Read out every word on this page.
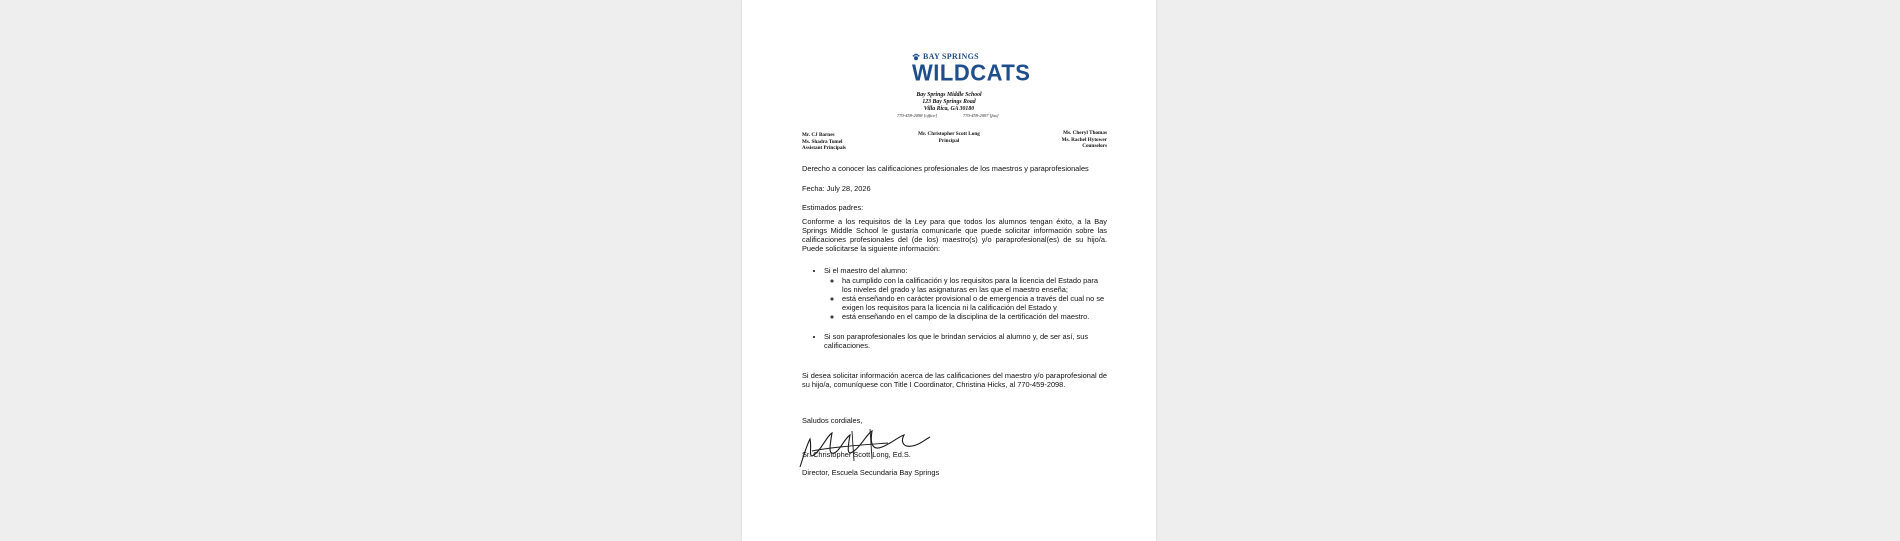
BAY SPRINGS
WILDCATS
Bay Springs Middle School
123 Bay Springs Road
Villa Rica, GA 30180
770-459-2098 [office]	770-459-2097 [fax]
Mr. CJ Barnes
Ms. Shadra Tomel
Assistant Principals
Mr. Christopher Scott Long
Principal
Ms. Cheryl Thomas
Ms. Rachel Hytower
Counselors
Derecho a conocer las calificaciones profesionales de los maestros y paraprofesionales
Fecha: July 28, 2026
Estimados padres:
Conforme a los requisitos de la Ley para que todos los alumnos tengan éxito, a la Bay Springs Middle School le gustaría comunicarle que puede solicitar información sobre las calificaciones profesionales del (de los) maestro(s) y/o paraprofesional(es) de su hijo/a. Puede solicitarse la siguiente información:
• Si el maestro del alumno:
◦ ha cumplido con la calificación y los requisitos para la licencia del Estado para los niveles del grado y las asignaturas en las que el maestro enseña;
◦ está enseñando en carácter provisional o de emergencia a través del cual no se exigen los requisitos para la licencia ni la calificación del Estado y
◦ está enseñando en el campo de la disciplina de la certificación del maestro.
• Si son paraprofesionales los que le brindan servicios al alumno y, de ser así, sus calificaciones.
Si desea solicitar información acerca de las calificaciones del maestro y/o paraprofesional de su hijo/a, comuníquese con Title I Coordinator, Christina Hicks, al 770-459-2098.
Saludos cordiales,
Sr. Christopher Scott Long, Ed.S.
Director, Escuela Secundaria Bay Springs
